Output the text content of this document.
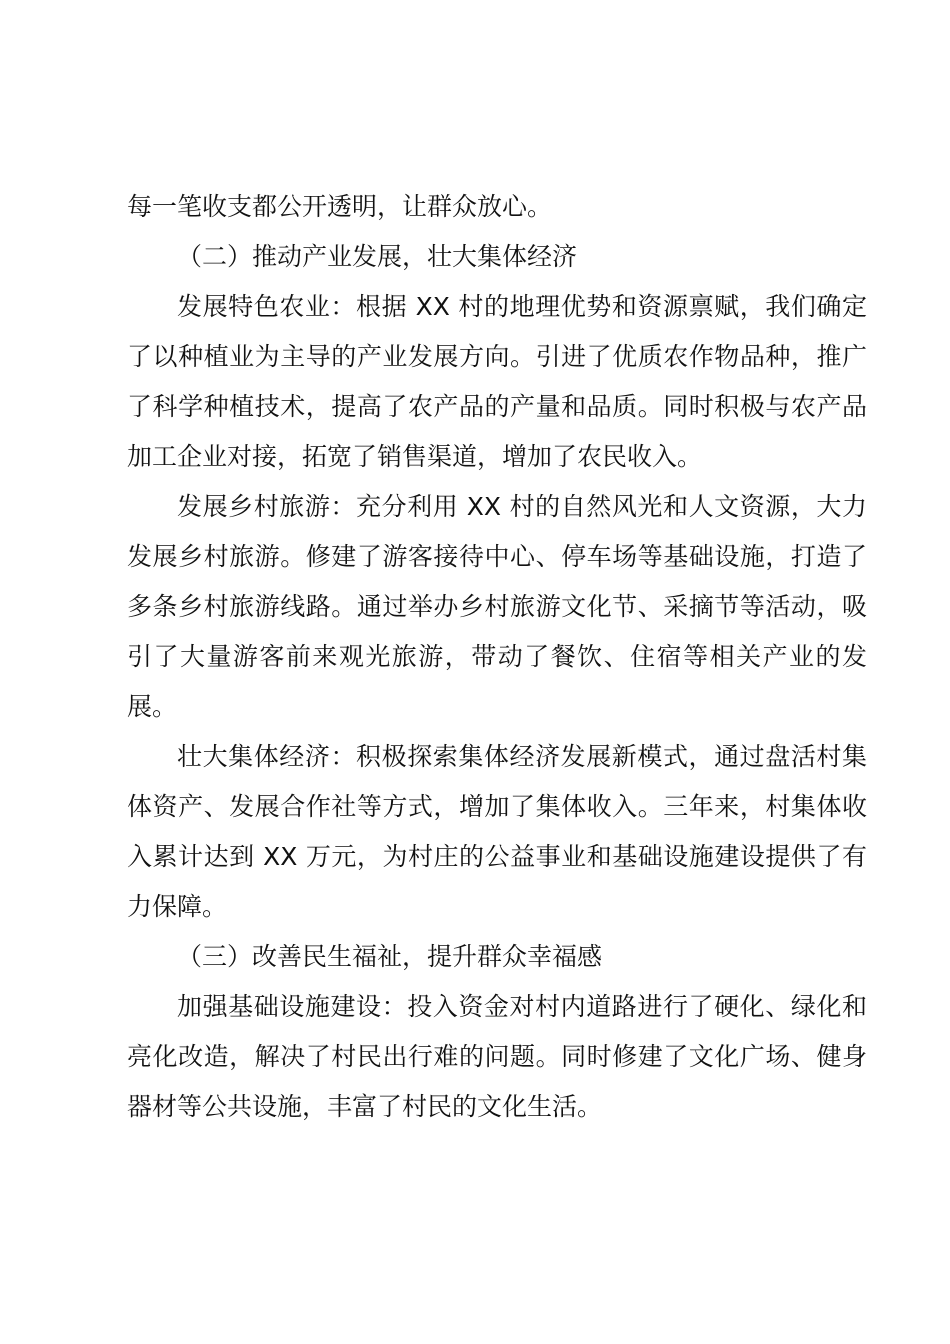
每一笔收支都公开透明，让群众放心。

（二）推动产业发展，壮大集体经济

发展特色农业：根据 XX 村的地理优势和资源禀赋，我们确定了以种植业为主导的产业发展方向。引进了优质农作物品种，推广了科学种植技术，提高了农产品的产量和品质。同时积极与农产品加工企业对接，拓宽了销售渠道，增加了农民收入。

发展乡村旅游：充分利用 XX 村的自然风光和人文资源，大力发展乡村旅游。修建了游客接待中心、停车场等基础设施，打造了多条乡村旅游线路。通过举办乡村旅游文化节、采摘节等活动，吸引了大量游客前来观光旅游，带动了餐饮、住宿等相关产业的发展。

壮大集体经济：积极探索集体经济发展新模式，通过盘活村集体资产、发展合作社等方式，增加了集体收入。三年来，村集体收入累计达到 XX 万元，为村庄的公益事业和基础设施建设提供了有力保障。

（三）改善民生福祉，提升群众幸福感

加强基础设施建设：投入资金对村内道路进行了硬化、绿化和亮化改造，解决了村民出行难的问题。同时修建了文化广场、健身器材等公共设施，丰富了村民的文化生活。
